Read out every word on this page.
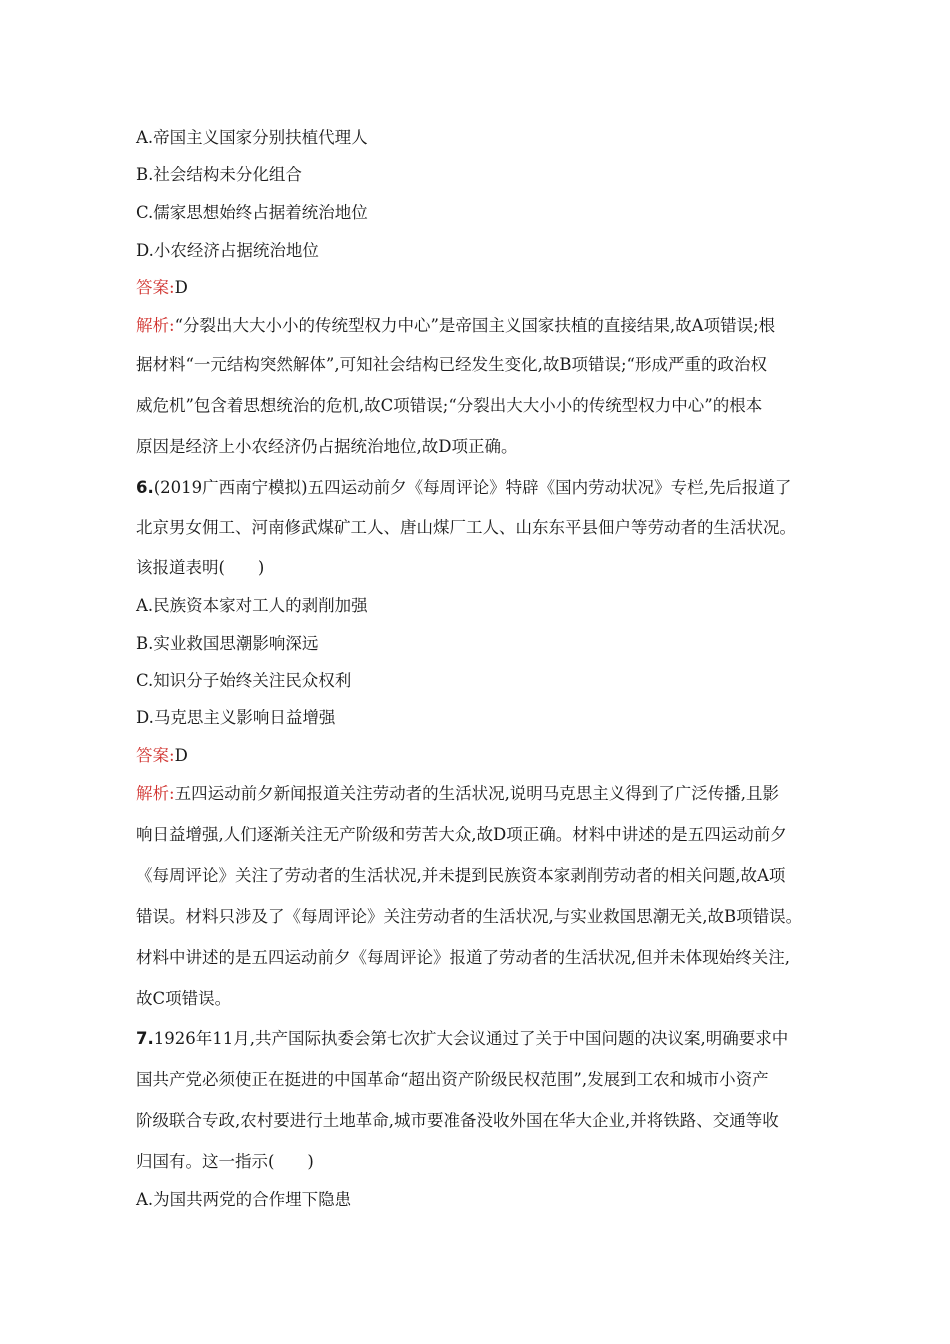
A.帝国主义国家分别扶植代理人
B.社会结构未分化组合
C.儒家思想始终占据着统治地位
D.小农经济占据统治地位
答案:D
解析:“分裂出大大小小的传统型权力中心”是帝国主义国家扶植的直接结果,故A项错误;根
据材料“一元结构突然解体”,可知社会结构已经发生变化,故B项错误;“形成严重的政治权
威危机”包含着思想统治的危机,故C项错误;“分裂出大大小小的传统型权力中心”的根本
原因是经济上小农经济仍占据统治地位,故D项正确。
6.(2019广西南宁模拟)五四运动前夕《每周评论》特辟《国内劳动状况》专栏,先后报道了
北京男女佣工、河南修武煤矿工人、唐山煤厂工人、山东东平县佃户等劳动者的生活状况。
该报道表明(　　)
A.民族资本家对工人的剥削加强
B.实业救国思潮影响深远
C.知识分子始终关注民众权利
D.马克思主义影响日益增强
答案:D
解析:五四运动前夕新闻报道关注劳动者的生活状况,说明马克思主义得到了广泛传播,且影
响日益增强,人们逐渐关注无产阶级和劳苦大众,故D项正确。材料中讲述的是五四运动前夕
《每周评论》关注了劳动者的生活状况,并未提到民族资本家剥削劳动者的相关问题,故A项
错误。材料只涉及了《每周评论》关注劳动者的生活状况,与实业救国思潮无关,故B项错误。
材料中讲述的是五四运动前夕《每周评论》报道了劳动者的生活状况,但并未体现始终关注,
故C项错误。
7.1926年11月,共产国际执委会第七次扩大会议通过了关于中国问题的决议案,明确要求中
国共产党必须使正在挺进的中国革命“超出资产阶级民权范围”,发展到工农和城市小资产
阶级联合专政,农村要进行土地革命,城市要准备没收外国在华大企业,并将铁路、交通等收
归国有。这一指示(　　)
A.为国共两党的合作埋下隐患
